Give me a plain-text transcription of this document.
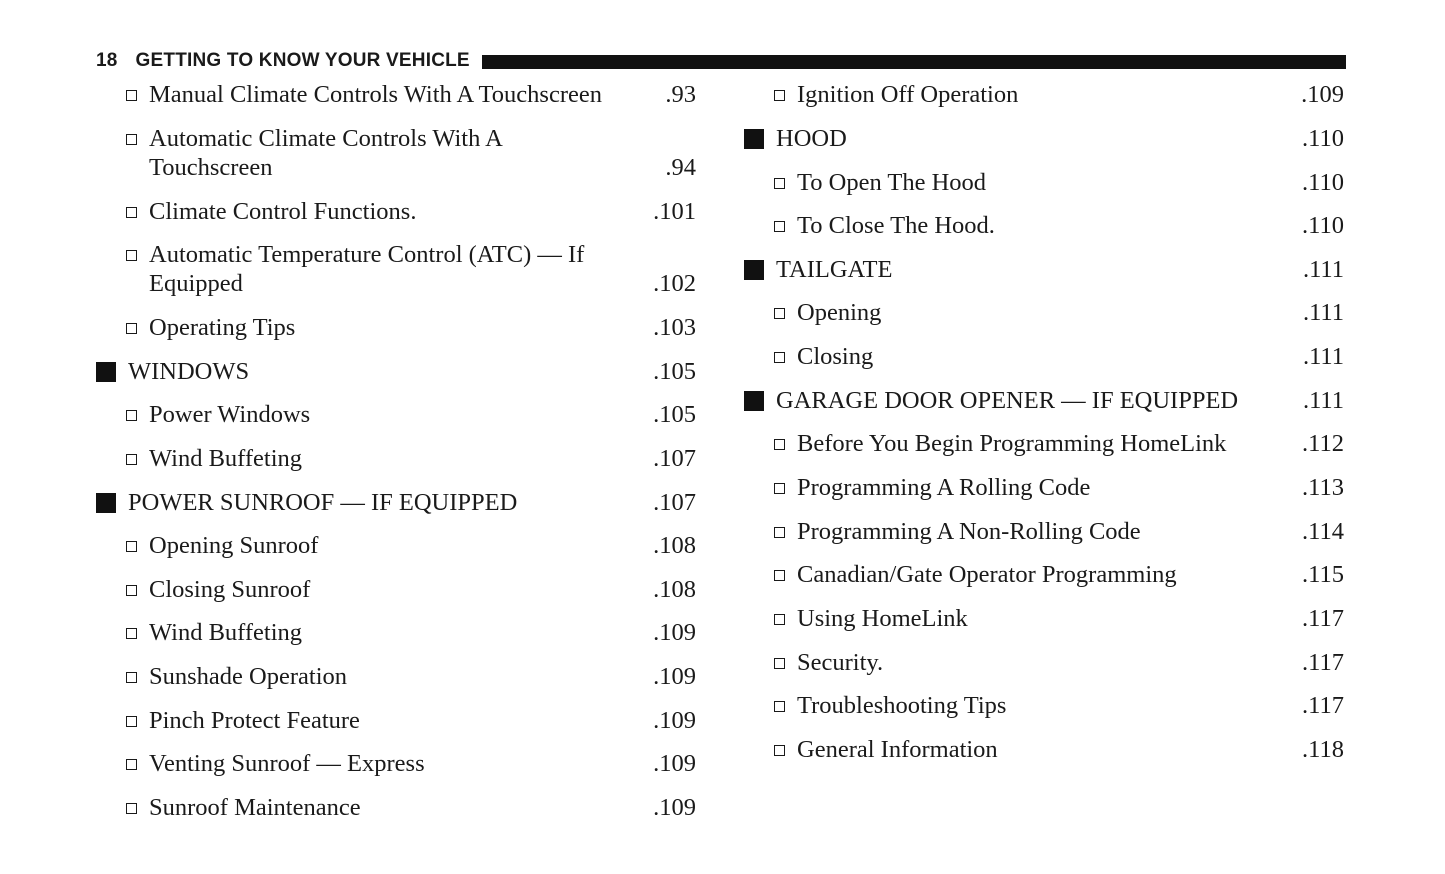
18 GETTING TO KNOW YOUR VEHICLE
Manual Climate Controls With A Touchscreen	.93
Automatic Climate Controls With A Touchscreen	.94
Climate Control Functions.	.101
Automatic Temperature Control (ATC) — If Equipped	.102
Operating Tips	.103
WINDOWS	.105
Power Windows	.105
Wind Buffeting	.107
POWER SUNROOF — IF EQUIPPED	.107
Opening Sunroof	.108
Closing Sunroof	.108
Wind Buffeting	.109
Sunshade Operation	.109
Pinch Protect Feature	.109
Venting Sunroof — Express	.109
Sunroof Maintenance	.109
Ignition Off Operation	.109
HOOD	.110
To Open The Hood	.110
To Close The Hood.	.110
TAILGATE	.111
Opening	.111
Closing	.111
GARAGE DOOR OPENER — IF EQUIPPED	.111
Before You Begin Programming HomeLink	.112
Programming A Rolling Code	.113
Programming A Non-Rolling Code	.114
Canadian/Gate Operator Programming	.115
Using HomeLink	.117
Security.	.117
Troubleshooting Tips	.117
General Information	.118
